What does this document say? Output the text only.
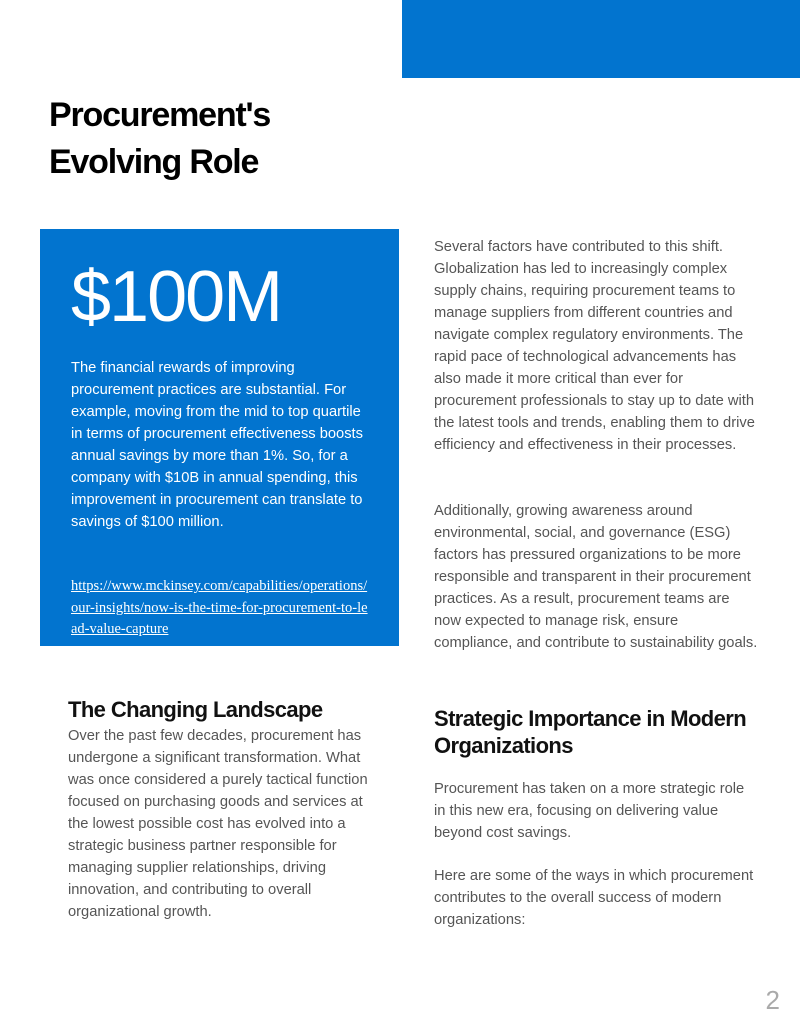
Procurement's Evolving Role

$100M

The financial rewards of improving procurement practices are substantial. For example, moving from the mid to top quartile in terms of procurement effectiveness boosts annual savings by more than 1%. So, for a company with $10B in annual spending, this improvement in procurement can translate to savings of $100 million.

https://www.mckinsey.com/capabilities/operations/our-insights/now-is-the-time-for-procurement-to-lead-value-capture
The Changing Landscape

Over the past few decades, procurement has undergone a significant transformation. What was once considered a purely tactical function focused on purchasing goods and services at the lowest possible cost has evolved into a strategic business partner responsible for managing supplier relationships, driving innovation, and contributing to overall organizational growth.

Several factors have contributed to this shift. Globalization has led to increasingly complex supply chains, requiring procurement teams to manage suppliers from different countries and navigate complex regulatory environments. The rapid pace of technological advancements has also made it more critical than ever for procurement professionals to stay up to date with the latest tools and trends, enabling them to drive efficiency and effectiveness in their processes.

Additionally, growing awareness around environmental, social, and governance (ESG) factors has pressured organizations to be more responsible and transparent in their procurement practices. As a result, procurement teams are now expected to manage risk, ensure compliance, and contribute to sustainability goals.

Strategic Importance in Modern Organizations

Procurement has taken on a more strategic role in this new era, focusing on delivering value beyond cost savings.

Here are some of the ways in which procurement contributes to the overall success of modern organizations:

2
